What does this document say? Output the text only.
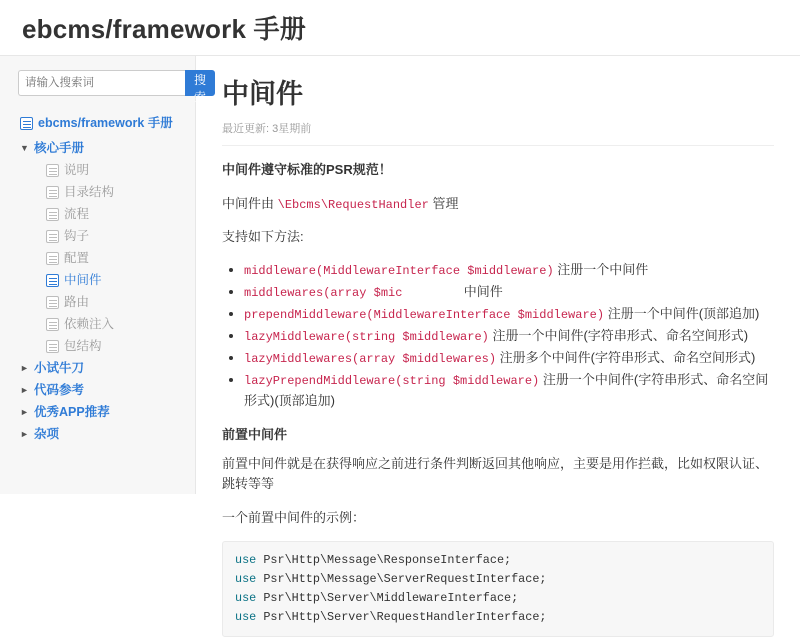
ebcms/framework 手册
请输入搜索词
搜索
ebcms/framework 手册
▼ 核心手册
说明
目录结构
流程
钩子
配置
中间件
路由
依赖注入
包结构
► 小试牛刀
► 代码参考
► 优秀APP推荐
► 杂项
中间件
最近更新: 3星期前

中间件遵守标准的PSR规范！

中间件由 \Ebcms\RequestHandler 管理

支持如下方法:

• middleware(MiddlewareInterface $middleware) 注册一个中间件
• middlewares(array $mic	中间件
• prependMiddleware(MiddlewareInterface $middleware) 注册一个中间件(顶部追加)
• lazyMiddleware(string $middleware) 注册一个中间件(字符串形式、命名空间形式)
• lazyMiddlewares(array $middlewares) 注册多个中间件(字符串形式、命名空间形式)
• lazyPrependMiddleware(string $middleware) 注册一个中间件(字符串形式、命名空间形式)(顶部追加)
前置中间件

前置中间件就是在获得响应之前进行条件判断返回其他响应，主要是用作拦截，比如权限认证、跳转等等

一个前置中间件的示例：

use Psr\Http\Message\ResponseInterface;
use Psr\Http\Message\ServerRequestInterface;
use Psr\Http\Server\MiddlewareInterface;
use Psr\Http\Server\RequestHandlerInterface;
